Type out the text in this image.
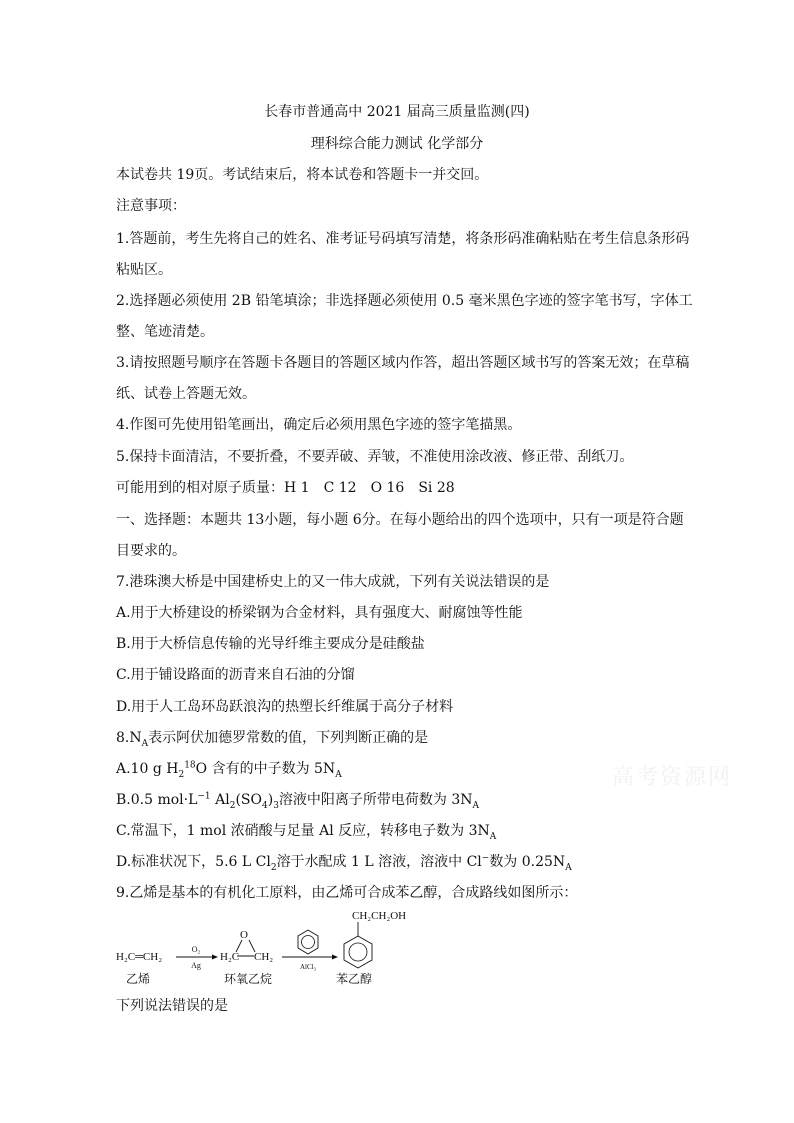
长春市普通高中 2021 届高三质量监测(四)
理科综合能力测试 化学部分
本试卷共 19页。考试结束后，将本试卷和答题卡一并交回。
注意事项：
1.答题前，考生先将自己的姓名、准考证号码填写清楚，将条形码准确粘贴在考生信息条形码
粘贴区。
2.选择题必须使用 2B 铅笔填涂；非选择题必须使用 0.5 毫米黑色字迹的签字笔书写，字体工
整、笔迹清楚。
3.请按照题号顺序在答题卡各题目的答题区域内作答，超出答题区域书写的答案无效；在草稿
纸、试卷上答题无效。
4.作图可先使用铅笔画出，确定后必须用黑色字迹的签字笔描黑。
5.保持卡面清洁，不要折叠，不要弄破、弄皱，不准使用涂改液、修正带、刮纸刀。
可能用到的相对原子质量：H 1 C 12 O 16 Si 28
一、选择题：本题共 13小题，每小题 6分。在每小题给出的四个选项中，只有一项是符合题
目要求的。
7.港珠澳大桥是中国建桥史上的又一伟大成就，下列有关说法错误的是
A.用于大桥建设的桥梁钢为合金材料，具有强度大、耐腐蚀等性能
B.用于大桥信息传输的光导纤维主要成分是硅酸盐
C.用于铺设路面的沥青来自石油的分馏
D.用于人工岛环岛跃浪沟的热塑长纤维属于高分子材料
$8.N_A$表示阿伏加德罗常数的值，下列判断正确的是
A.10 g $H_2^{18}O$ 含有的中子数为 $5N_A$
B.0.5 $mol\cdot L^{-1}$ $Al_2(SO_4)_3$溶液中阳离子所带电荷数为 $3N_A$
C.常温下，1 mol 浓硝酸与足量 Al 反应，转移电子数为 $3N_A$
D.标准状况下，5.6 L $Cl_2$溶于水配成 1 L 溶液，溶液中 Cl−数为 $0.25N_A$
9.乙烯是基本的有机化工原料，由乙烯可合成苯乙醇，合成路线如图所示：
H₂C═CH₂
O₂
Ag
O
H₂C CH₂
AlCl₃
CH₂CH₂OH
乙烯	环氧乙烷	苯乙醇
下列说法错误的是
高考资源网
